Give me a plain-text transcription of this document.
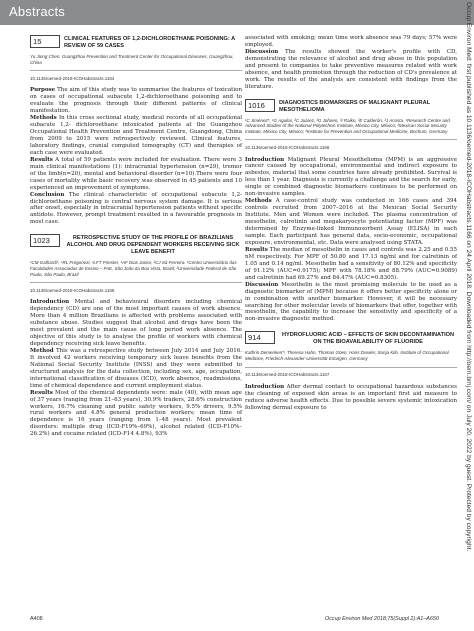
Abstracts
15	CLINICAL FEATURES OF 1,2-DICHLOROETHANE POISONING: A REVIEW OF 59 CASES
Yu Jiong Chen. Guangzhou Prevention and Treatment Center for Occupational Diseases, Guangzhou, China
10.1136/oemed-2018-ICOHabstracts.1164

Purpose The aim of this study was to summarise the features of toxication on cases of occupational subacute 1,2-dichloroethane poisoning and to evaluate the prognosis through their different patterns of clinical manifestation.

Methods In this cross sectional study, medical records of all occupational subacute 1,2- dichloroethane intoxicated patients at the Guangzhou Occupational Health Prevention and Treatment Centre, Guangdong, China from 2009 to 2015 were retrospectively reviewed. Clinical features, laboratory findings, cranial computed tomography (CT) and therapies of each case were evaluated.

Results A total of 59 patients were included for evaluation. There were 3 main clinical manifestations (1): intracranial hypertension (n=29), tremor of the limb(n=20), mental and behavioral disorder (n=10).There were four cases of mortality while basic recovery was observed in 45 patients and 10 experienced an improvement of symptoms.

Conclusion The clinical characteristic of occupational subacute 1,2- dichloroethane poisoning is central nervous system damage. It is serious after onset, especially in intracranial hypertension patients without specific antidote. However, prompt treatment resulted in a favourable prognosis in most case.

1023	RETROSPECTIVE STUDY OF THE PROFILE OF BRAZILIANS ALCOHOL AND DRUG DEPENDENT WORKERS RECEIVING SICK LEAVE BENEFIT
¹CM Galhardi*, ¹RL Fregonezi, ¹LFT Priester, ¹AF Dias Junior, ²CJ Sá Ferreira. ¹Centro Universitário das Faculdades Associadas de Ensino – FAE, São João da Boa Vista, Brazil; ²Universidade Federal de São Paulo, São Paulo, Brazil
10.1136/oemed-2018-ICOHabstracts.1165

Introduction Mental and behavioural disorders including chemical dependency (CD) are one of the most important causes of work absence. More than 4 million Brazilians is affected with problems associated with substance abuse. Studies suggest that alcohol and drugs have been the most prevalent and the main cause of long period work absence. The objective of this study is to analyse the profile of workers with chemical dependency receiving sick leave benefits.

Method This was a retrospective study between July 2014 and July 2016. It involved 42 workers receiving temporary sick leave benefits from the National Social Security Institute (INSS) and they were submitted to structured analysis for the data collection, including sex, age, occupation, international classification of diseases (ICD), work absence, readmissions, time of chemical dependence and current employment status.

Results Most of the chemical dependents were: male (40), with mean age of 37 years (ranging from 21–63 years), 30.9% traders, 28.6% construction workers, 16.7% cleaning and public safety workers, 9.5% drivers, 9.5% rural workers and 4.8% general production workers; mean time of dependence is 16 years (ranging from 1–48 years). Most prevalent disorders: multiple drug (ICD-F19%–69%), alcohol related (ICD-F10%–26.2%) and cocaine related (ICD-F14 4.8%), 93%

associated with smoking; mean time work absence was 79 days; 57% were employed.

Discussion The results showed the worker's profile with CD, demonstrating the relevance of alcohol and drug abuse in this population and present to companies to take preventive measures related with work absence, and health promotion through the reduction of CD's prevalence at work. The results of the analysis are consistent with findings from the literature.

1016	DIAGNOSTICS BIOMARKERS OF MALIGNANT PLEURAL MESOTHELIOMA
¹C Jiménez*, ¹G Aguilar, ²C Juárez, ³G Johnen, ³I Raiko, ³E Calderón, ²J Acosta. ¹Research Centre and Advanced Studies of the National Polytechnic Institute, México City, México; ²Mexican Social Security Institute, México City, México; ³Institute for Prevention and Occupational Medicine, Bochum, Germany
10.1136/oemed-2018-ICOHabstracts.1166

Introduction Malignant Pleural Mesothelioma (MPM) is an aggressive cancer caused by occupational, environmental and indirect exposure to asbestos, material that some countries have already prohibited. Survival is less than 1 year. Diagnosis is currently a challenge and the search for early, single or combined diagnostic biomarkers continues to be performed on non-invasive samples.

Methods A case-control study was conducted in 166 cases and 394 controls recruited from 2007–2016 at the Mexican Social Security Institute. Men and Women were included. The plasma concentration of mesothelin, calretinin and megakaryocyte potentiating factor (MPF) was determined by Enzyme-linked Immunosorbent Assay (ELISA) in each sample. Each participant has general data, socio-economic, occupational exposure, environmental, etc. Data were analysed using STATA.

Results The median of mesothelin in cases and controls was 2.25 and 0.55 nM respectively. For MPF of 50.80 and 17.13 ng/ml and for calretinin of 1.05 and 0.14 ng/ml. Mesothelin had a sensitivity of 80.12% and specificity of 91.12% (AUC=0.9175); MPF with 78.18% and 88.79% (AUC=0.9089) and calretinin had 69.27% and 84.47% (AUC=0.8305).

Discussion Mesothelin is the most promising molecule to be used as a diagnostic biomarker of (MPM) because it offers better specificity alone or in combination with another biomarker. However, it will be necessary searching for other molecular levels of biomarkers that offer, together with mesothelin, the capability to increase the sensitivity and specificity of a non-invasive diagnostic method.

914	HYDROFLUORIC ACID – EFFECTS OF SKIN DECONTAMINATION ON THE BIOAVAILABILITY OF FLUORIDE
Kathrin Demenkerr*, Theresa Hahn, Thomas Göen, Hans Drexler, Sonja Kilo. Institute of Occupational Medicine, Friedrich-Alexander-Universität Erlangen, Germany
10.1136/oemed-2018-ICOHabstracts.1167

Introduction After dermal contact to occupational hazardous substances the cleaning of exposed skin areas is an important first aid measure to reduce adverse health effects. Due to possible severe systemic intoxication following dermal exposure to

A408	Occup Environ Med 2018;75(Suppl 2):A1–A650
Occup Environ Med: first published as 10.1136/oemed-2018-ICOHabstracts.1166 on 24 April 2018. Downloaded from http://oem.bmj.com/ on July 20, 2022 by guest. Protected by copyright.
